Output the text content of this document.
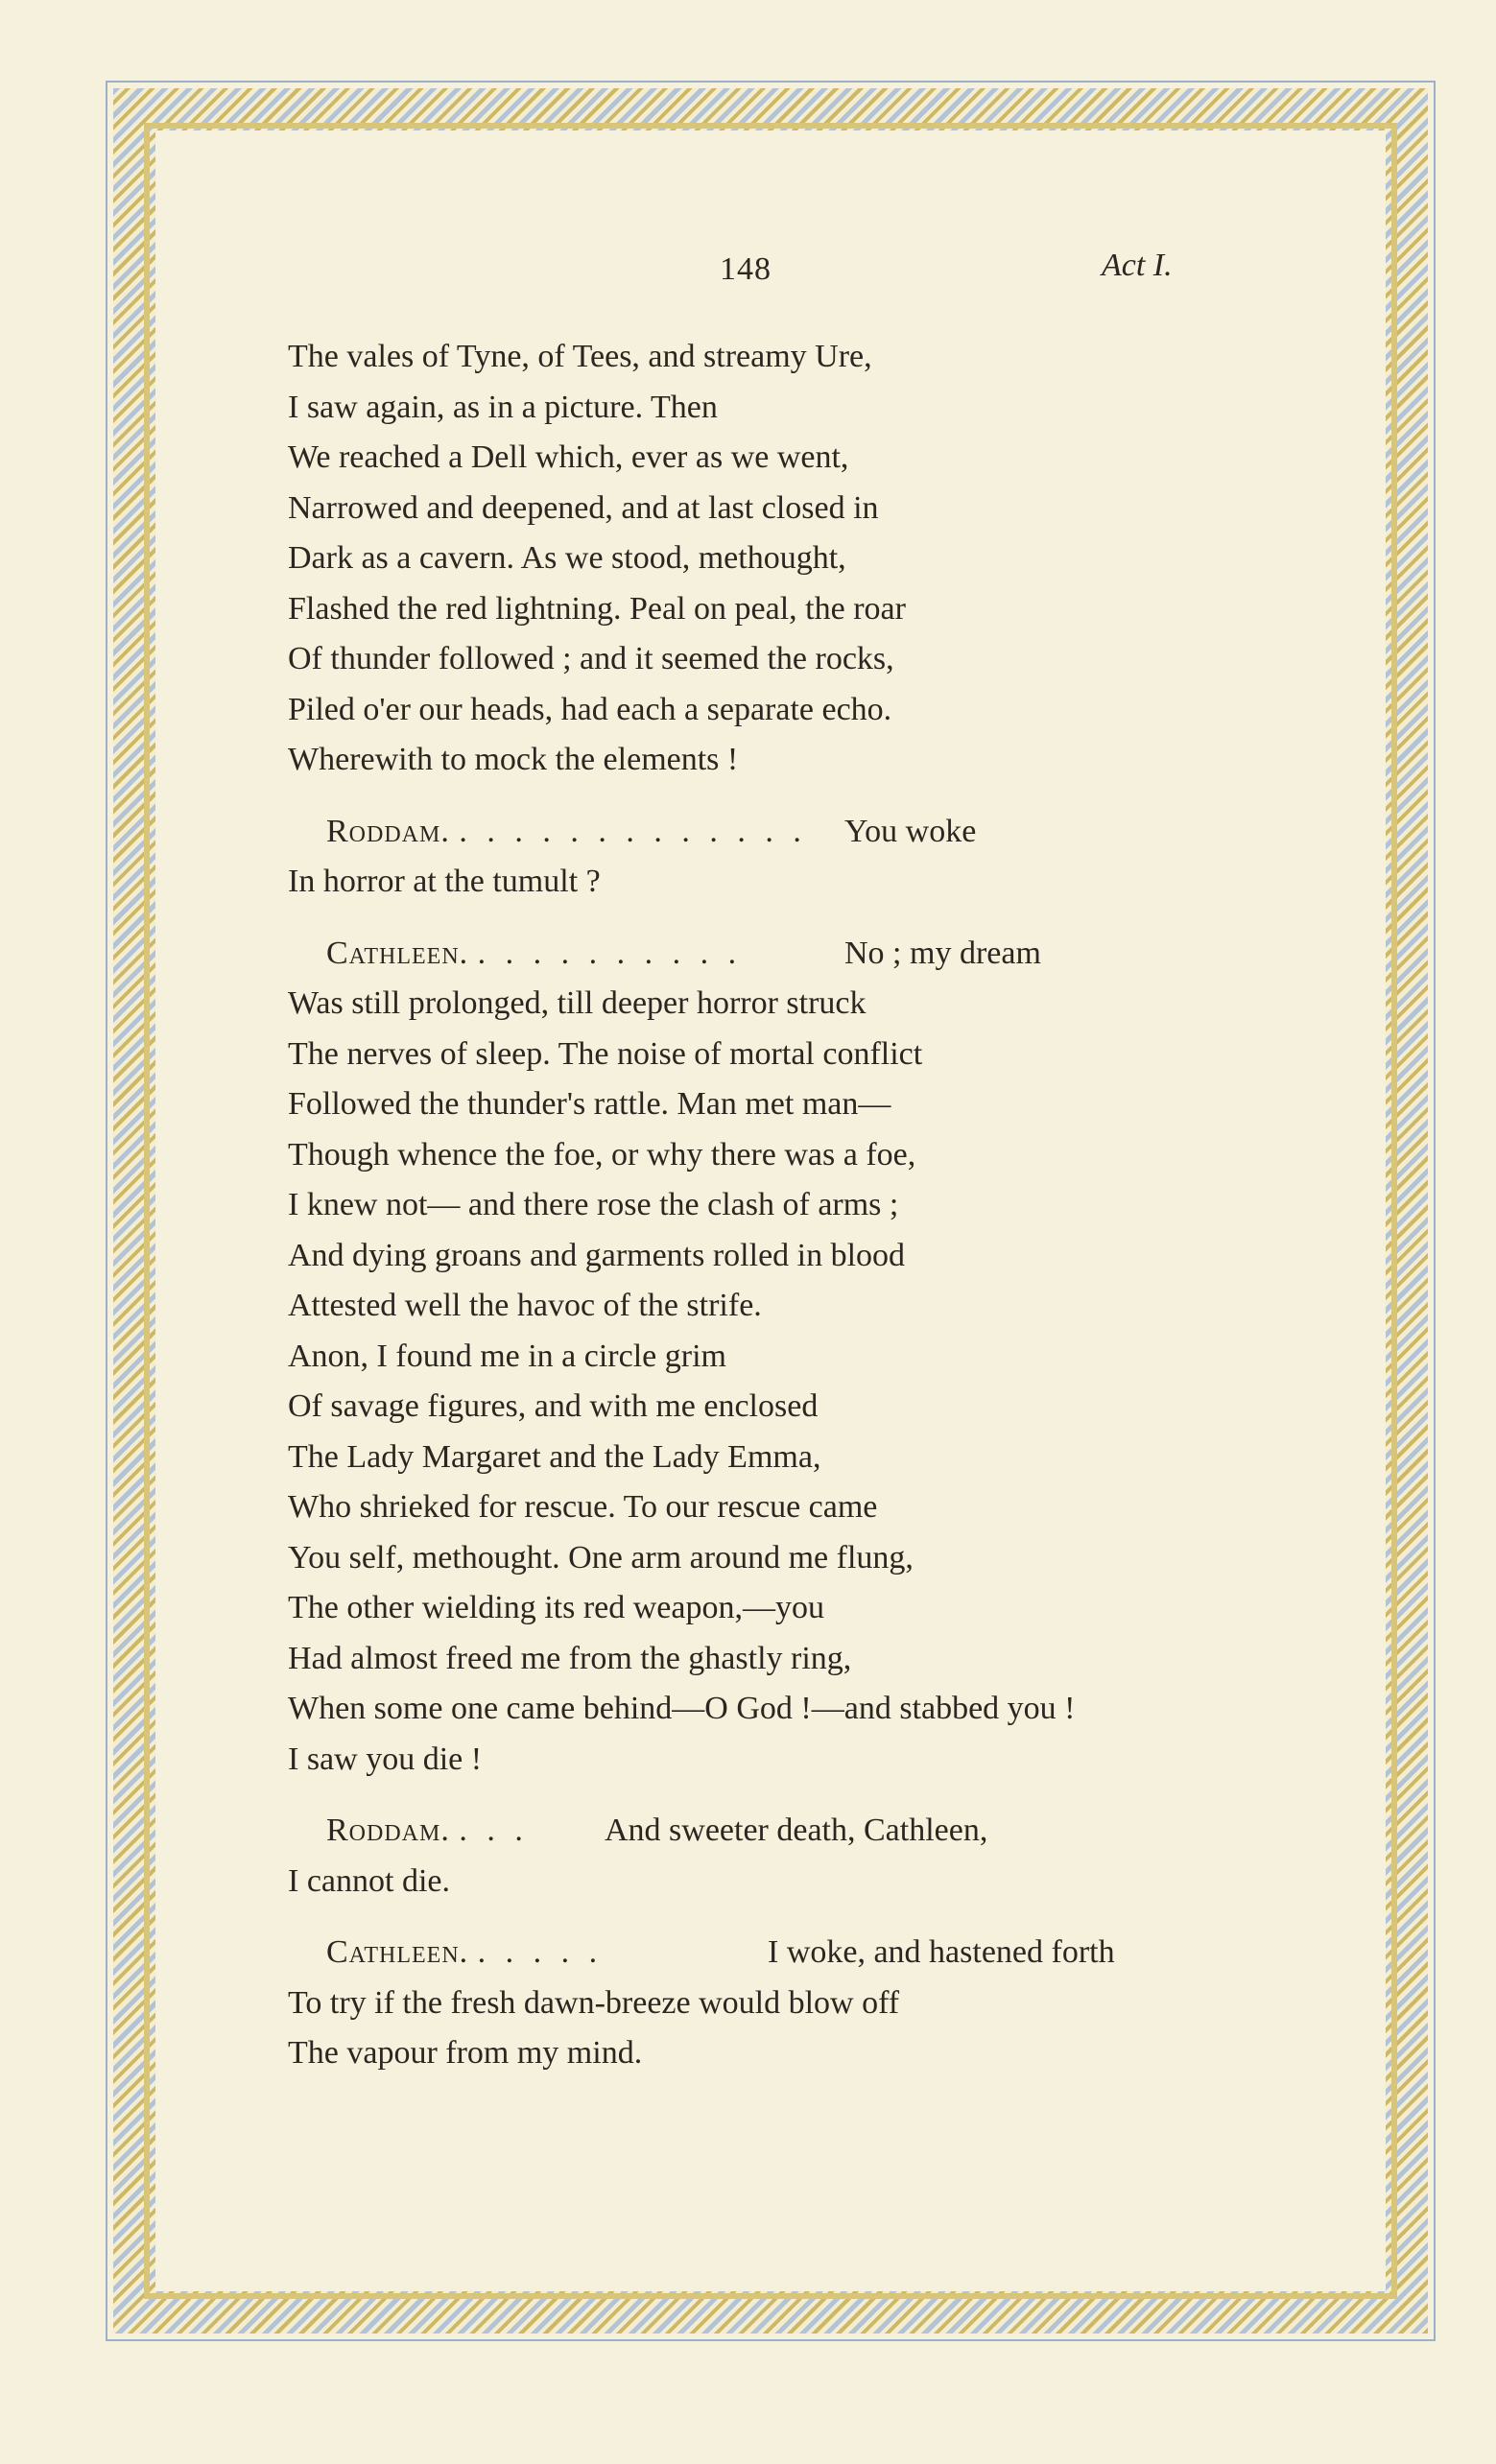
148	Act I.
The vales of Tyne, of Tees, and streamy Ure,
I saw again, as in a picture. Then
We reached a Dell which, ever as we went,
Narrowed and deepened, and at last closed in
Dark as a cavern. As we stood, methought,
Flashed the red lightning. Peal on peal, the roar
Of thunder followed ; and it seemed the rocks,
Piled o'er our heads, had each a separate echo.
Wherewith to mock the elements !
Roddam. . . . . . . . . . . . . . You woke
In horror at the tumult ?
Cathleen. . . . . . . . . . .	No ; my dream
Was still prolonged, till deeper horror struck
The nerves of sleep. The noise of mortal conflict
Followed the thunder's rattle. Man met man—
Though whence the foe, or why there was a foe,
I knew not— and there rose the clash of arms ;
And dying groans and garments rolled in blood
Attested well the havoc of the strife.
Anon, I found me in a circle grim
Of savage figures, and with me enclosed
The Lady Margaret and the Lady Emma,
Who shrieked for rescue. To our rescue came
You self, methought. One arm around me flung,
The other wielding its red weapon,—you
Had almost freed me from the ghastly ring,
When some one came behind—O God !—and stabbed you !
I saw you die !
Roddam. . . . And sweeter death, Cathleen,
I cannot die.
Cathleen. . . . . .	I woke, and hastened forth
To try if the fresh dawn-breeze would blow off
The vapour from my mind.
